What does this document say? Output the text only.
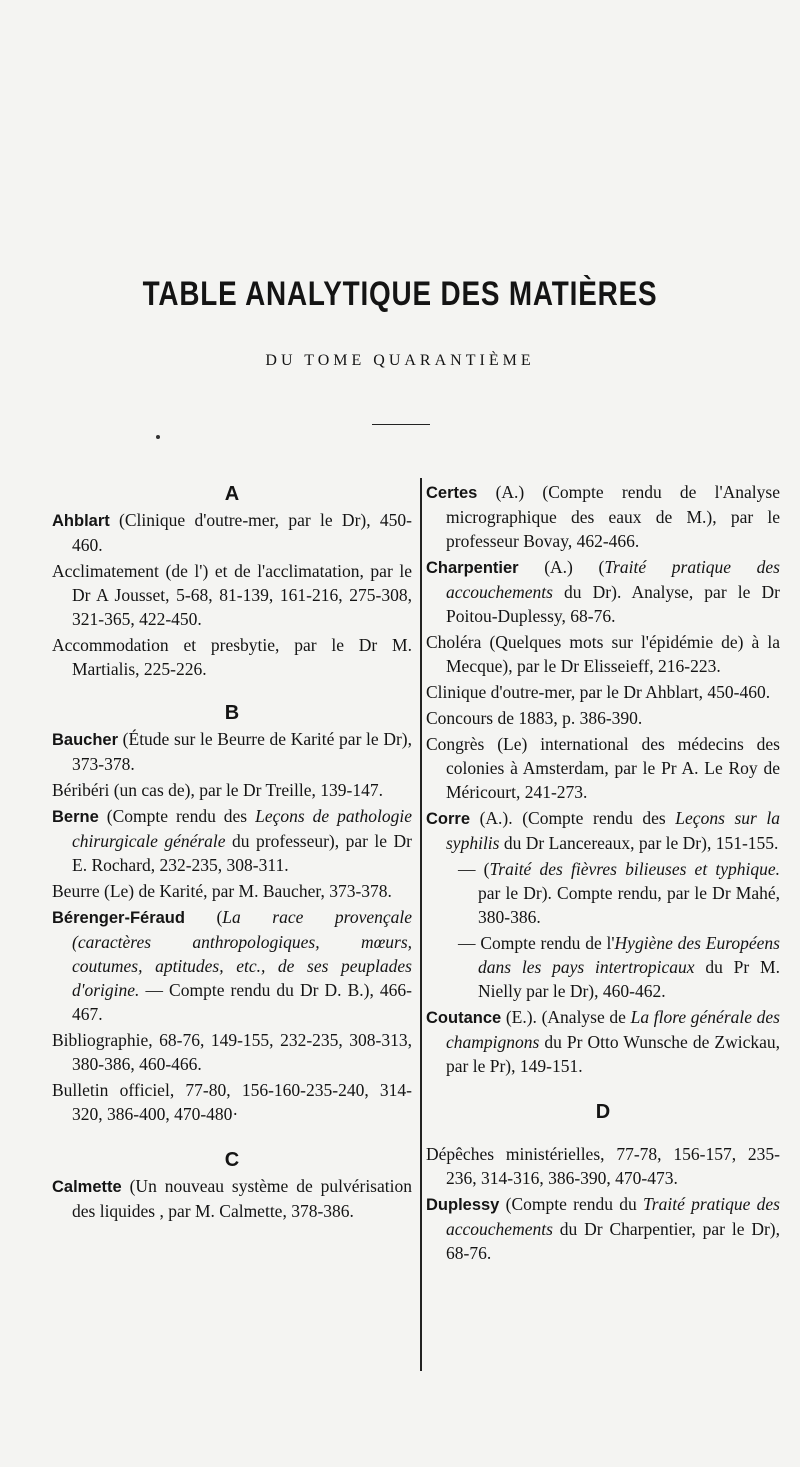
TABLE ANALYTIQUE DES MATIÈRES
DU TOME QUARANTIÈME

A

Ahblart (Clinique d'outre-mer, par le Dr), 450-460.

Acclimatement (de l') et de l'acclimatation, par le Dr A Jousset, 5-68, 81-139, 161-216, 275-308, 321-365, 422-450.

Accommodation et presbytie, par le Dr M. Martialis, 225-226.

B

Baucher (Étude sur le Beurre de Karité par le Dr), 373-378.

Béribéri (un cas de), par le Dr Treille, 139-147.

Berne (Compte rendu des Leçons de pathologie chirurgicale générale du professeur), par le Dr E. Rochard, 232-235, 308-311.

Beurre (Le) de Karité, par M. Baucher, 373-378.

Bérenger-Féraud (La race provençale (caractères anthropologiques, mœurs, coutumes, aptitudes, etc., de ses peuplades d'origine. — Compte rendu du Dr D. B.), 466-467.

Bibliographie, 68-76, 149-155, 232-235, 308-313, 380-386, 460-466.

Bulletin officiel, 77-80, 156-160-235-240, 314-320, 386-400, 470-480·

C

Calmette (Un nouveau système de pulvérisation des liquides , par M. Calmette, 378-386.

Certes (A.) (Compte rendu de l'Analyse micrographique des eaux de M.), par le professeur Bovay, 462-466.

Charpentier (A.) (Traité pratique des accouchements du Dr). Analyse, par le Dr Poitou-Duplessy, 68-76.

Choléra (Quelques mots sur l'épidémie de) à la Mecque), par le Dr Elisseieff, 216-223.

Clinique d'outre-mer, par le Dr Ahblart, 450-460.

Concours de 1883, p. 386-390.

Congrès (Le) international des médecins des colonies à Amsterdam, par le Pr A. Le Roy de Méricourt, 241-273.

Corre (A.). (Compte rendu des Leçons sur la syphilis du Dr Lancereaux, par le Dr), 151-155.

— (Traité des fièvres bilieuses et typhique. par le Dr). Compte rendu, par le Dr Mahé, 380-386.

— Compte rendu de l'Hygiène des Européens dans les pays intertropicaux du Pr M. Nielly par le Dr), 460-462.

Coutance (E.). (Analyse de La flore générale des champignons du Pr Otto Wunsche de Zwickau, par le Pr), 149-151.

D

Dépêches ministérielles, 77-78, 156-157, 235-236, 314-316, 386-390, 470-473.

Duplessy (Compte rendu du Traité pratique des accouchements du Dr Charpentier, par le Dr), 68-76.
